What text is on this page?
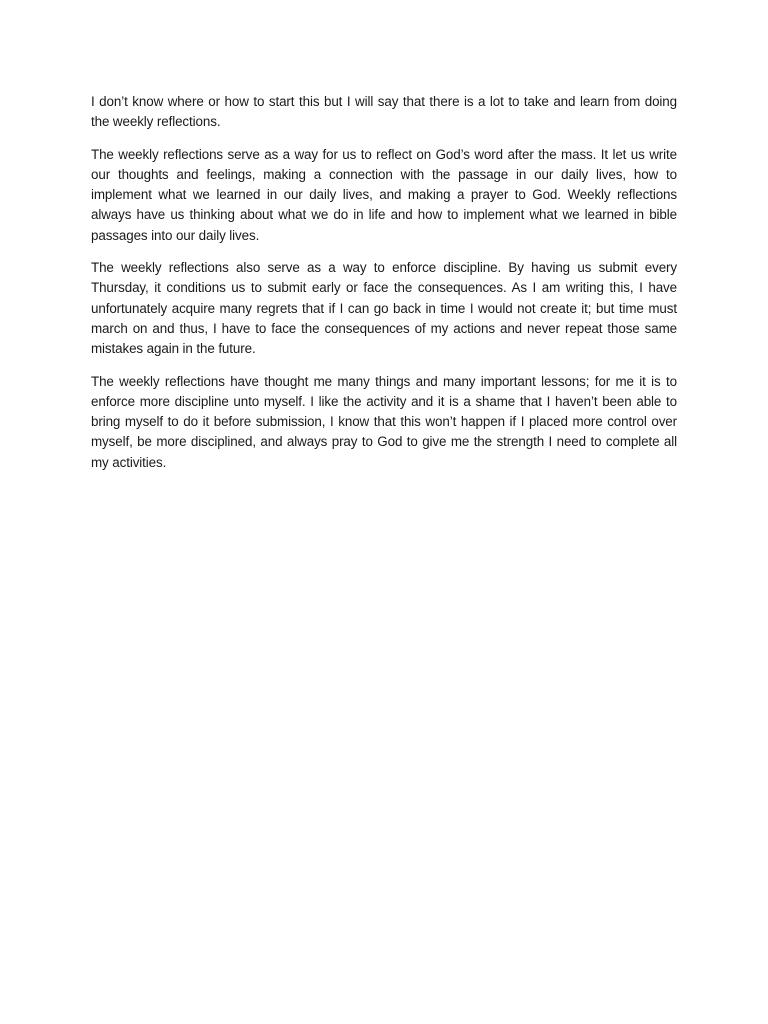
I don’t know where or how to start this but I will say that there is a lot to take and learn from doing the weekly reflections.

The weekly reflections serve as a way for us to reflect on God’s word after the mass. It let us write our thoughts and feelings, making a connection with the passage in our daily lives, how to implement what we learned in our daily lives, and making a prayer to God. Weekly reflections always have us thinking about what we do in life and how to implement what we learned in bible passages into our daily lives.

The weekly reflections also serve as a way to enforce discipline. By having us submit every Thursday, it conditions us to submit early or face the consequences. As I am writing this, I have unfortunately acquire many regrets that if I can go back in time I would not create it; but time must march on and thus, I have to face the consequences of my actions and never repeat those same mistakes again in the future.

The weekly reflections have thought me many things and many important lessons; for me it is to enforce more discipline unto myself. I like the activity and it is a shame that I haven’t been able to bring myself to do it before submission, I know that this won’t happen if I placed more control over myself, be more disciplined, and always pray to God to give me the strength I need to complete all my activities.
